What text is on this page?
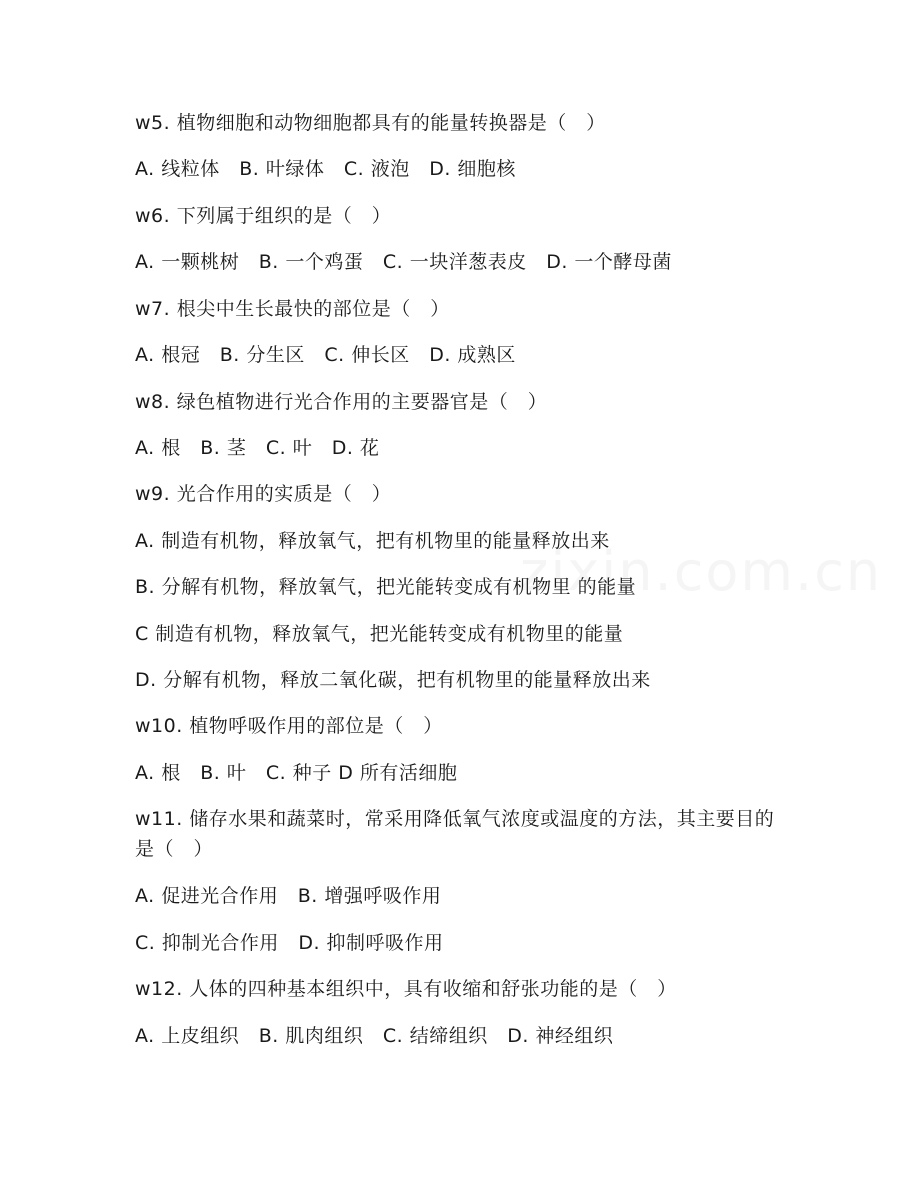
zixin.com.cn
w5. 植物细胞和动物细胞都具有的能量转换器是（　）
A. 线粒体　B. 叶绿体　C. 液泡　D. 细胞核
w6. 下列属于组织的是（　）
A. 一颗桃树　B. 一个鸡蛋　C. 一块洋葱表皮　D. 一个酵母菌
w7. 根尖中生长最快的部位是（　）
A. 根冠　B. 分生区　C. 伸长区　D. 成熟区
w8. 绿色植物进行光合作用的主要器官是（　）
A. 根　B. 茎　C. 叶　D. 花
w9. 光合作用的实质是（　）
A. 制造有机物，释放氧气，把有机物里的能量释放出来
B. 分解有机物，释放氧气，把光能转变成有机物里 的能量
C 制造有机物，释放氧气，把光能转变成有机物里的能量
D. 分解有机物，释放二氧化碳，把有机物里的能量释放出来
w10. 植物呼吸作用的部位是（　）
A. 根　B. 叶　C. 种子 D 所有活细胞
w11. 储存水果和蔬菜时，常采用降低氧气浓度或温度的方法，其主要目的是（　）
A. 促进光合作用　B. 增强呼吸作用
C. 抑制光合作用　D. 抑制呼吸作用
w12. 人体的四种基本组织中，具有收缩和舒张功能的是（　）
A. 上皮组织　B. 肌肉组织　C. 结缔组织　D. 神经组织
